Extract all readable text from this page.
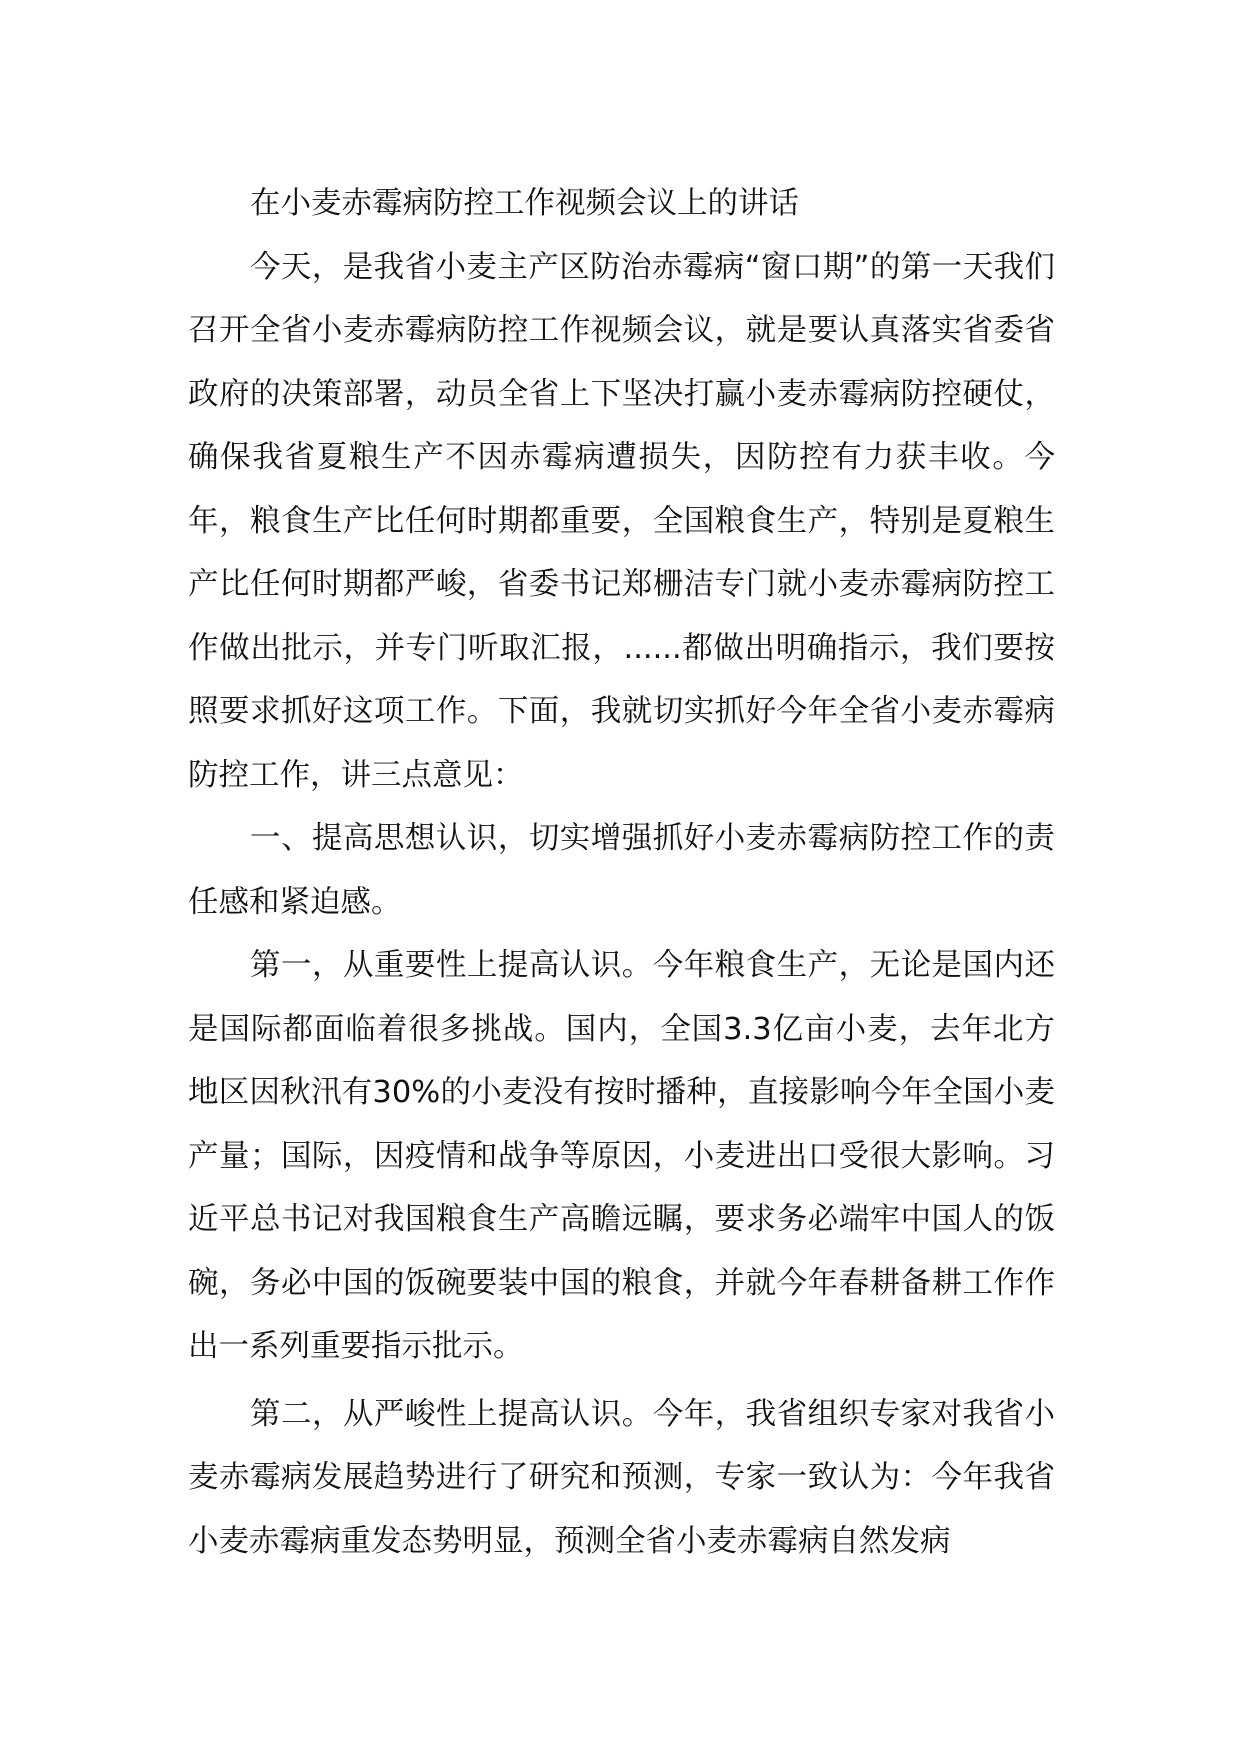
在小麦赤霉病防控工作视频会议上的讲话

今天，是我省小麦主产区防治赤霉病“窗口期”的第一天我们召开全省小麦赤霉病防控工作视频会议，就是要认真落实省委省政府的决策部署，动员全省上下坚决打赢小麦赤霉病防控硬仗，确保我省夏粮生产不因赤霉病遭损失，因防控有力获丰收。今年，粮食生产比任何时期都重要，全国粮食生产，特别是夏粮生产比任何时期都严峻，省委书记郑栅洁专门就小麦赤霉病防控工作做出批示，并专门听取汇报，......都做出明确指示，我们要按照要求抓好这项工作。下面，我就切实抓好今年全省小麦赤霉病防控工作，讲三点意见：

一、提高思想认识，切实增强抓好小麦赤霉病防控工作的责任感和紧迫感。

第一，从重要性上提高认识。今年粮食生产，无论是国内还是国际都面临着很多挑战。国内，全国3.3亿亩小麦，去年北方地区因秋汛有30%的小麦没有按时播种，直接影响今年全国小麦产量；国际，因疫情和战争等原因，小麦进出口受很大影响。习近平总书记对我国粮食生产高瞻远瞩，要求务必端牢中国人的饭碗，务必中国的饭碗要装中国的粮食，并就今年春耕备耕工作作出一系列重要指示批示。

第二，从严峻性上提高认识。今年，我省组织专家对我省小麦赤霉病发展趋势进行了研究和预测，专家一致认为：今年我省小麦赤霉病重发态势明显，预测全省小麦赤霉病自然发病
